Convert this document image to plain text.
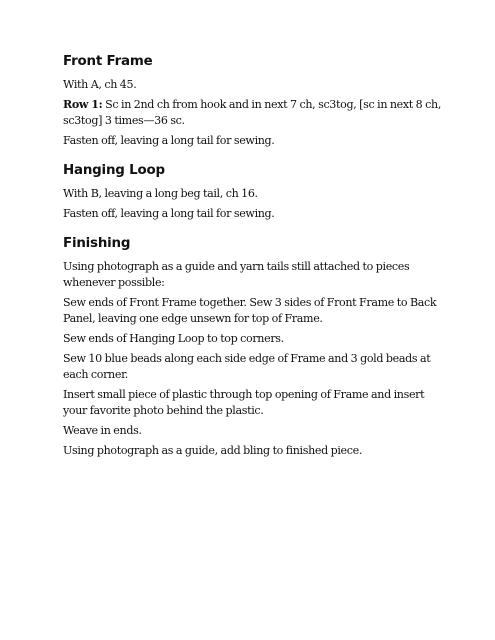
Front Frame

With A, ch 45.

Row 1: Sc in 2nd ch from hook and in next 7 ch, sc3tog, [sc in next 8 ch, sc3tog] 3 times—36 sc.

Fasten off, leaving a long tail for sewing.

Hanging Loop

With B, leaving a long beg tail, ch 16.

Fasten off, leaving a long tail for sewing.

Finishing

Using photograph as a guide and yarn tails still attached to pieces whenever possible:

Sew ends of Front Frame together. Sew 3 sides of Front Frame to Back Panel, leaving one edge unsewn for top of Frame.

Sew ends of Hanging Loop to top corners.

Sew 10 blue beads along each side edge of Frame and 3 gold beads at each corner.

Insert small piece of plastic through top opening of Frame and insert your favorite photo behind the plastic.

Weave in ends.

Using photograph as a guide, add bling to finished piece.
